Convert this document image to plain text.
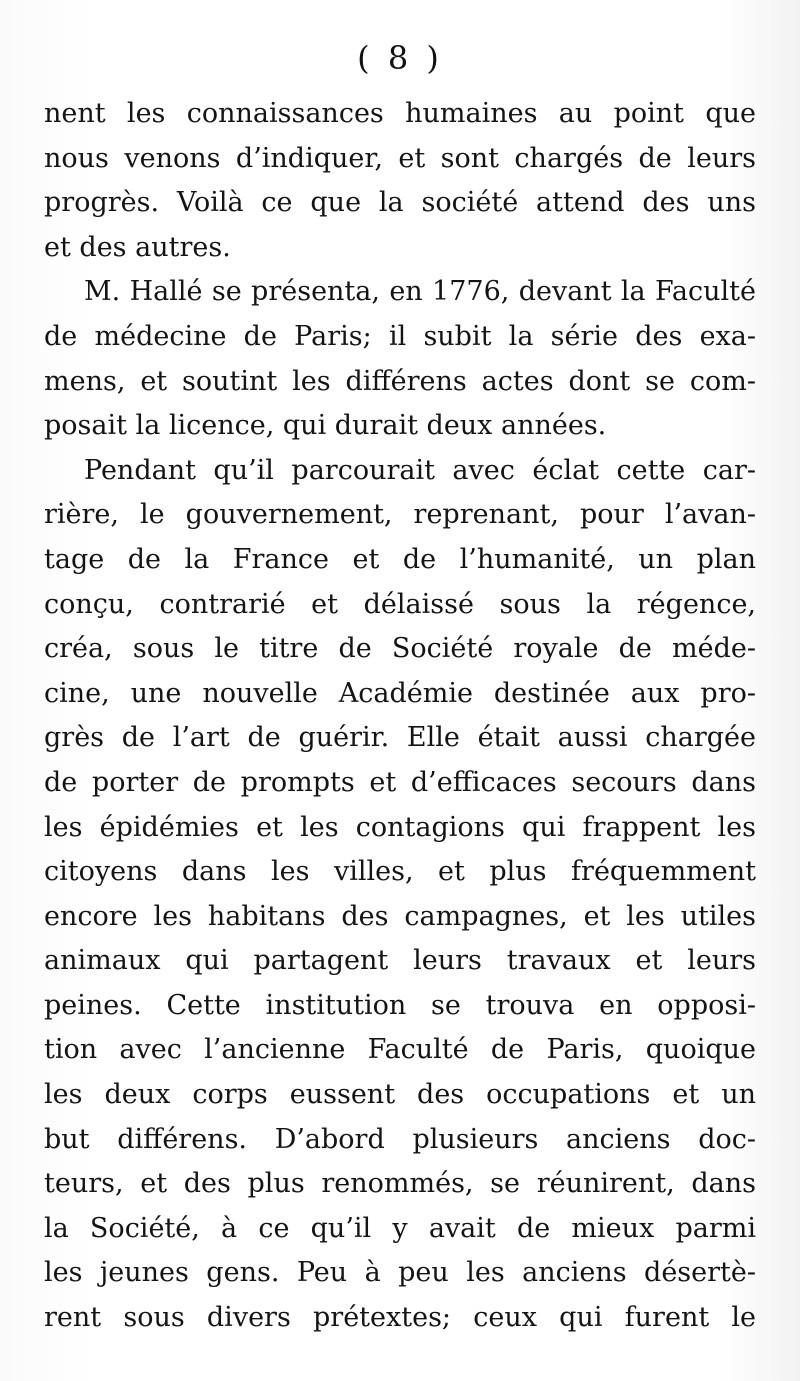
( 8 )
nent les connaissances humaines au point que
nous venons d’indiquer, et sont chargés de leurs
progrès. Voilà ce que la société attend des uns
et des autres.
M. Hallé se présenta, en 1776, devant la Faculté
de médecine de Paris; il subit la série des exa-
mens, et soutint les différens actes dont se com-
posait la licence, qui durait deux années.
Pendant qu’il parcourait avec éclat cette car-
rière, le gouvernement, reprenant, pour l’avan-
tage de la France et de l’humanité, un plan
conçu, contrarié et délaissé sous la régence,
créa, sous le titre de Société royale de méde-
cine, une nouvelle Académie destinée aux pro-
grès de l’art de guérir. Elle était aussi chargée
de porter de prompts et d’efficaces secours dans
les épidémies et les contagions qui frappent les
citoyens dans les villes, et plus fréquemment
encore les habitans des campagnes, et les utiles
animaux qui partagent leurs travaux et leurs
peines. Cette institution se trouva en opposi-
tion avec l’ancienne Faculté de Paris, quoique
les deux corps eussent des occupations et un
but différens. D’abord plusieurs anciens doc-
teurs, et des plus renommés, se réunirent, dans
la Société, à ce qu’il y avait de mieux parmi
les jeunes gens. Peu à peu les anciens désertè-
rent sous divers prétextes; ceux qui furent le
